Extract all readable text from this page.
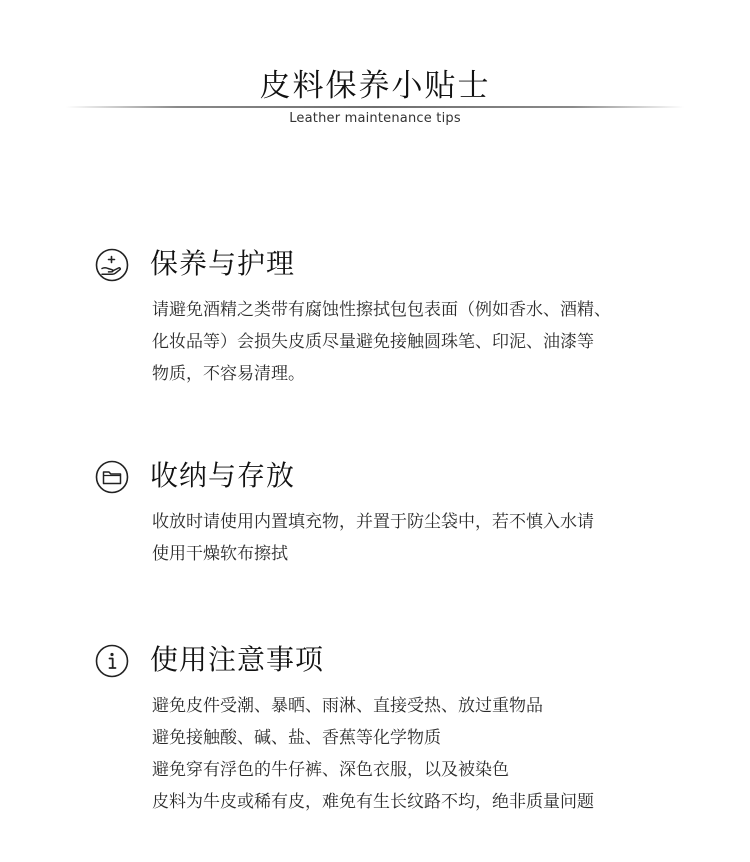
皮料保养小贴士
Leather maintenance tips
保养与护理

请避免酒精之类带有腐蚀性擦拭包包表面（例如香水、酒精、

化妆品等）会损失皮质尽量避免接触圆珠笔、印泥、油漆等

物质，不容易清理。

收纳与存放

收放时请使用内置填充物，并置于防尘袋中，若不慎入水请

使用干燥软布擦拭

使用注意事项

避免皮件受潮、暴晒、雨淋、直接受热、放过重物品

避免接触酸、碱、盐、香蕉等化学物质

避免穿有浮色的牛仔裤、深色衣服，以及被染色

皮料为牛皮或稀有皮，难免有生长纹路不均，绝非质量问题
